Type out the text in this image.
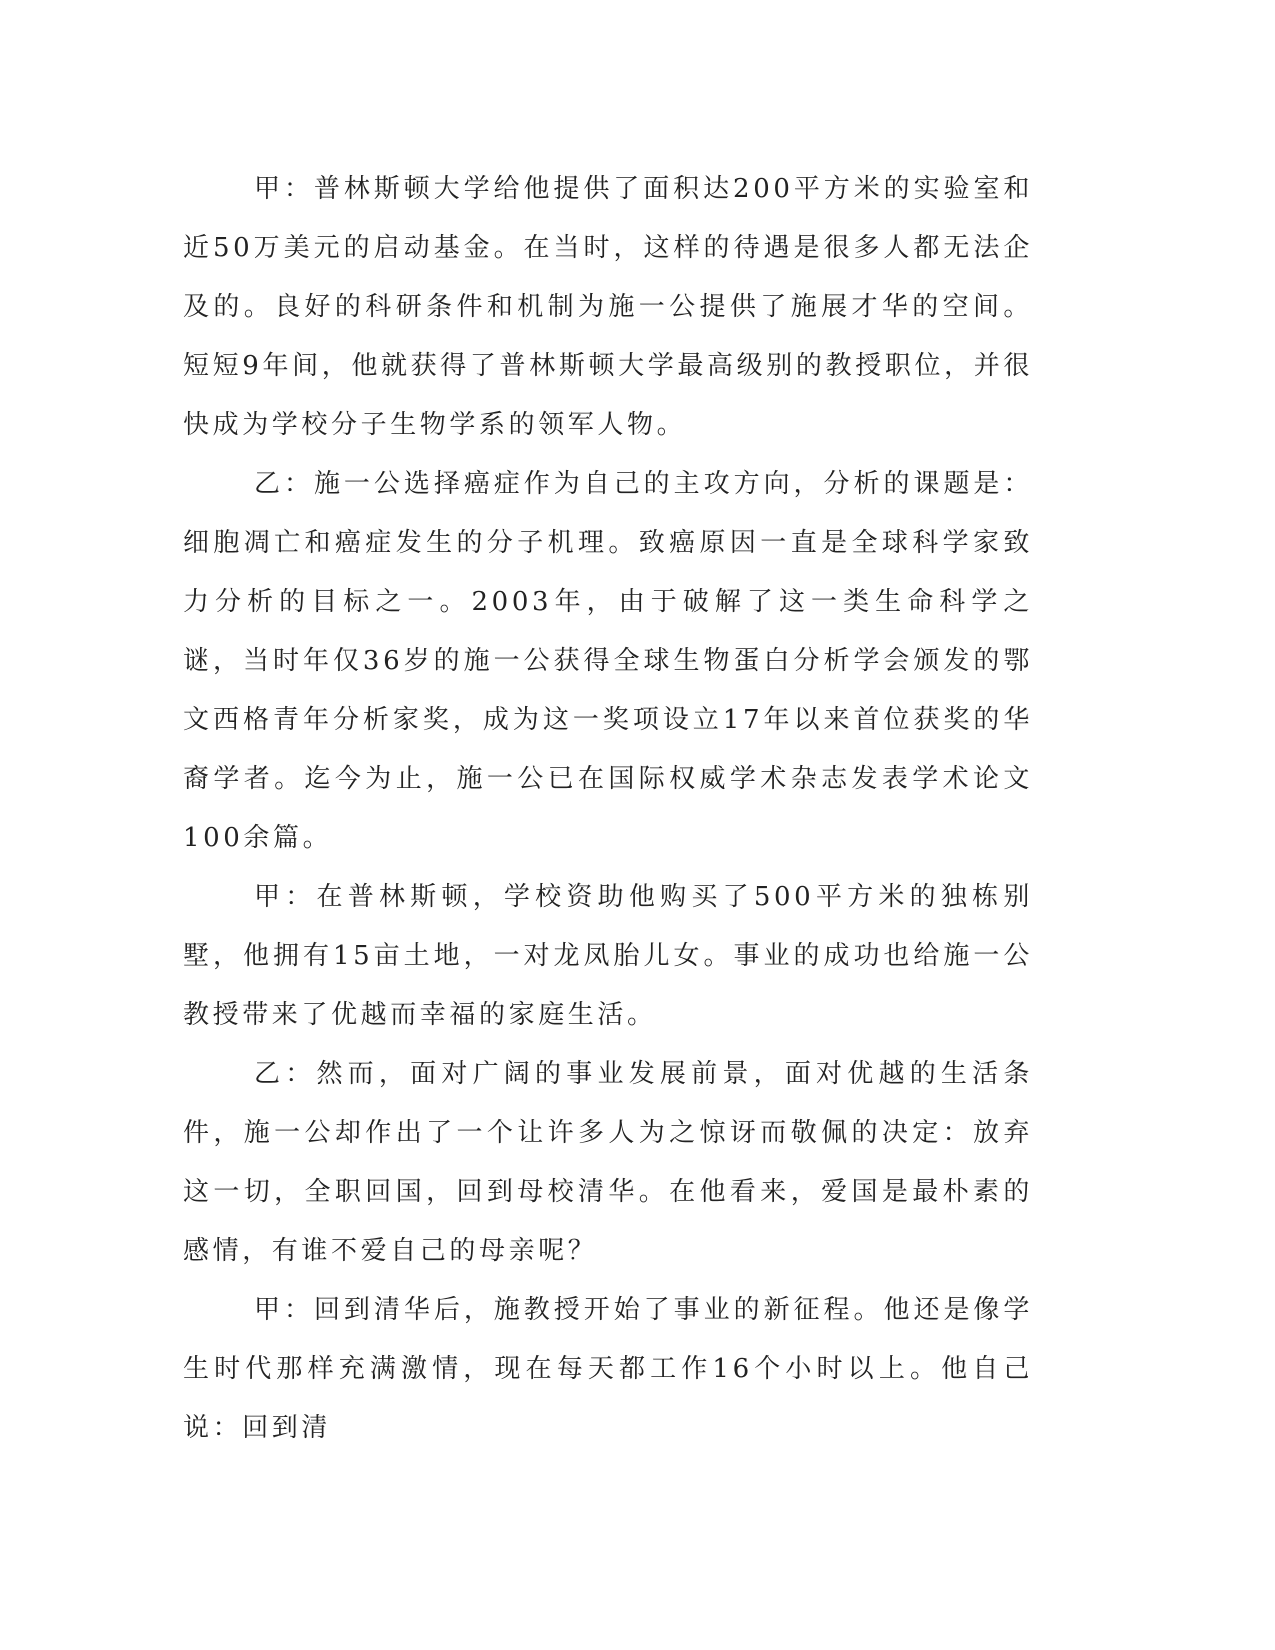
甲：普林斯顿大学给他提供了面积达200平方米的实验室和近50万美元的启动基金。在当时，这样的待遇是很多人都无法企及的。良好的科研条件和机制为施一公提供了施展才华的空间。短短9年间，他就获得了普林斯顿大学最高级别的教授职位，并很快成为学校分子生物学系的领军人物。

乙：施一公选择癌症作为自己的主攻方向，分析的课题是：细胞凋亡和癌症发生的分子机理。致癌原因一直是全球科学家致力分析的目标之一。2003年，由于破解了这一类生命科学之谜，当时年仅36岁的施一公获得全球生物蛋白分析学会颁发的鄂文西格青年分析家奖，成为这一奖项设立17年以来首位获奖的华裔学者。迄今为止，施一公已在国际权威学术杂志发表学术论文100余篇。

甲：在普林斯顿，学校资助他购买了500平方米的独栋别墅，他拥有15亩土地，一对龙凤胎儿女。事业的成功也给施一公教授带来了优越而幸福的家庭生活。

乙：然而，面对广阔的事业发展前景，面对优越的生活条件，施一公却作出了一个让许多人为之惊讶而敬佩的决定：放弃这一切，全职回国，回到母校清华。在他看来，爱国是最朴素的感情，有谁不爱自己的母亲呢？

甲：回到清华后，施教授开始了事业的新征程。他还是像学生时代那样充满激情，现在每天都工作16个小时以上。他自己说：回到清
